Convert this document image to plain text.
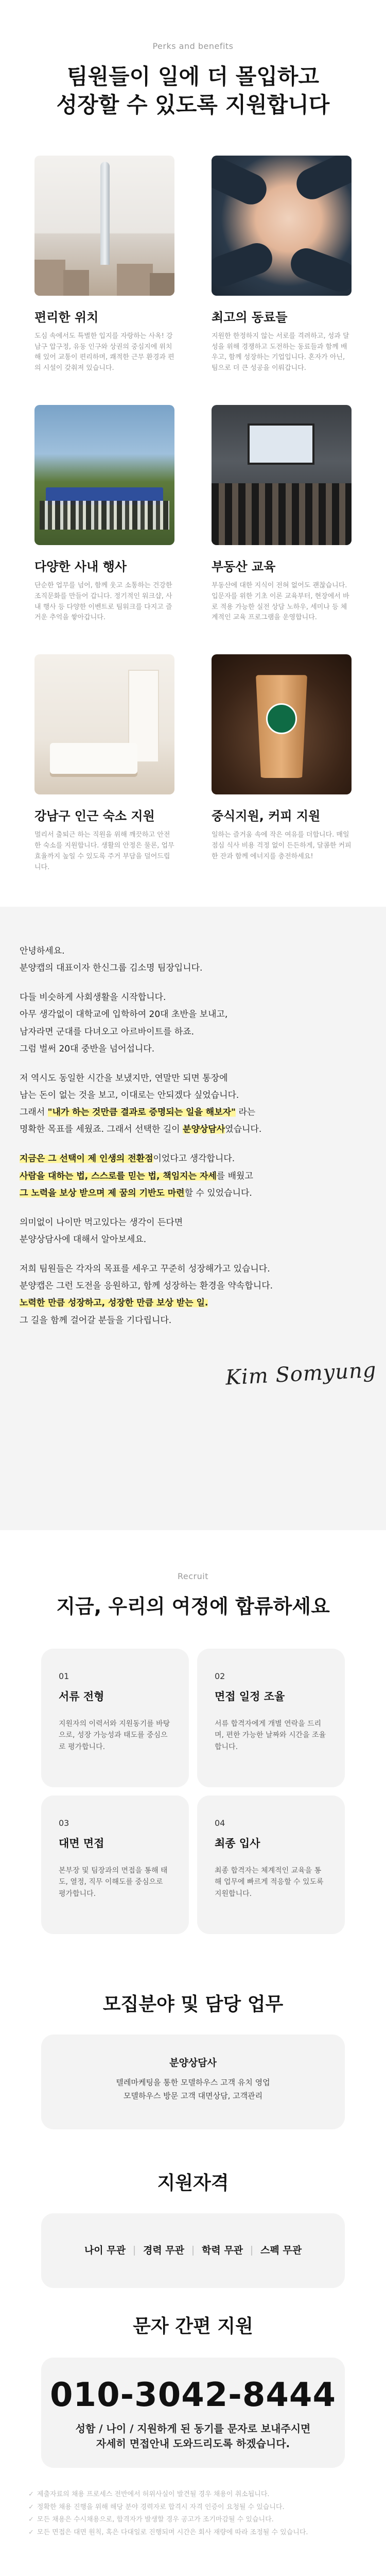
Perks and benefits
팀원들이 일에 더 몰입하고
성장할 수 있도록 지원합니다
편리한 위치
도심 속에서도 특별한 입지를 자랑하는 사옥! 강남구 압구정, 유동 인구와 상권의 중심지에 위치해 있어 교통이 편리하며, 쾌적한 근무 환경과 편의 시설이 갖춰져 있습니다.
최고의 동료들
지원한 한정하지 않는 서로를 격려하고, 성과 달성을 위해 경쟁하고 도전하는 동료들과 함께 배우고, 함께 성장하는 기업입니다. 혼자가 아닌, 팀으로 더 큰 성공을 이뤄갑니다.
다양한 사내 행사
단순한 업무를 넘어, 함께 웃고 소통하는 건강한 조직문화를 만들어 갑니다. 정기적인 워크샵, 사내 행사 등 다양한 이벤트로 팀워크를 다지고 즐거운 추억을 쌓아갑니다.
부동산 교육
부동산에 대한 지식이 전혀 없어도 괜찮습니다. 입문자를 위한 기초 이론 교육부터, 현장에서 바로 적용 가능한 실전 상담 노하우, 세미나 등 체계적인 교육 프로그램을 운영합니다.
강남구 인근 숙소 지원
멀리서 출퇴근 하는 직원을 위해 깨끗하고 안전한 숙소를 지원합니다. 생활의 안정은 물론, 업무 효율까지 높일 수 있도록 주거 부담을 덜어드립니다.
중식지원, 커피 지원
일하는 즐거움 속에 작은 여유를 더합니다. 매일 점심 식사 비용 걱정 없이 든든하게, 달콤한 커피 한 잔과 함께 에너지를 충전하세요!

안녕하세요.
분양캡의 대표이자 한신그룹 김소명 팀장입니다.

다들 비슷하게 사회생활을 시작합니다.
아무 생각없이 대학교에 입학하여 20대 초반을 보내고,
남자라면 군대를 다녀오고 아르바이트를 하죠.
그럼 벌써 20대 중반을 넘어섭니다.

저 역시도 동일한 시간을 보냈지만, 연말만 되면 통장에
남는 돈이 없는 것을 보고, 이대로는 안되겠다 싶었습니다.
그래서 "내가 하는 것만큼 결과로 증명되는 일을 해보자" 라는
명확한 목표를 세웠죠. 그래서 선택한 길이 분양상담사였습니다.

지금은 그 선택이 제 인생의 전환점이었다고 생각합니다.
사람을 대하는 법, 스스로를 믿는 법, 책임지는 자세를 배웠고
그 노력을 보상 받으며 제 꿈의 기반도 마련할 수 있었습니다.

의미없이 나이만 먹고있다는 생각이 든다면
분양상담사에 대해서 알아보세요.

저희 팀원들은 각자의 목표를 세우고 꾸준히 성장해가고 있습니다.
분양캡은 그런 도전을 응원하고, 함께 성장하는 환경을 약속합니다.
노력한 만큼 성장하고, 성장한 만큼 보상 받는 일.
그 길을 함께 걸어갈 분들을 기다립니다.

Kim Somyung
Recruit
지금, 우리의 여정에 합류하세요
01
서류 전형
지원자의 이력서와 지원동기를 바탕으로, 성장 가능성과 태도를 중심으로 평가합니다.
02
면접 일정 조율
서류 합격자에게 개별 연락을 드리며, 편한 가능한 날짜와 시간을 조율합니다.
03
대면 면접
본부장 및 팀장과의 면접을 통해 태도, 열정, 직무 이해도를 중심으로 평가합니다.
04
최종 입사
최종 합격자는 체계적인 교육을 통해 업무에 빠르게 적응할 수 있도록 지원합니다.
모집분야 및 담당 업무
분양상담사
텔레마케팅을 통한 모델하우스 고객 유치 영업
모델하우스 방문 고객 대면상담, 고객관리
지원자격
나이 무관	경력 무관	학력 무관	스펙 무관
문자 간편 지원
010-3042-8444
성함 / 나이 / 지원하게 된 동기를 문자로 보내주시면
자세히 면접안내 도와드리도록 하겠습니다.
✓ 제출자료의 채용 프로세스 전반에서 허위사실이 발견될 경우 채용이 취소됩니다.
✓ 정확한 채용 진행을 위해 해당 분야 경력자로 합격시 자격 인증이 요청될 수 있습니다.
✓ 모든 채용은 수시채용으로, 합격자가 발생할 경우 공고가 조기마감될 수 있습니다.
✓ 모든 면접은 대면 원칙, 혹은 다대일로 진행되며 시간은 회사 재량에 따라 조정될 수 있습니다.
